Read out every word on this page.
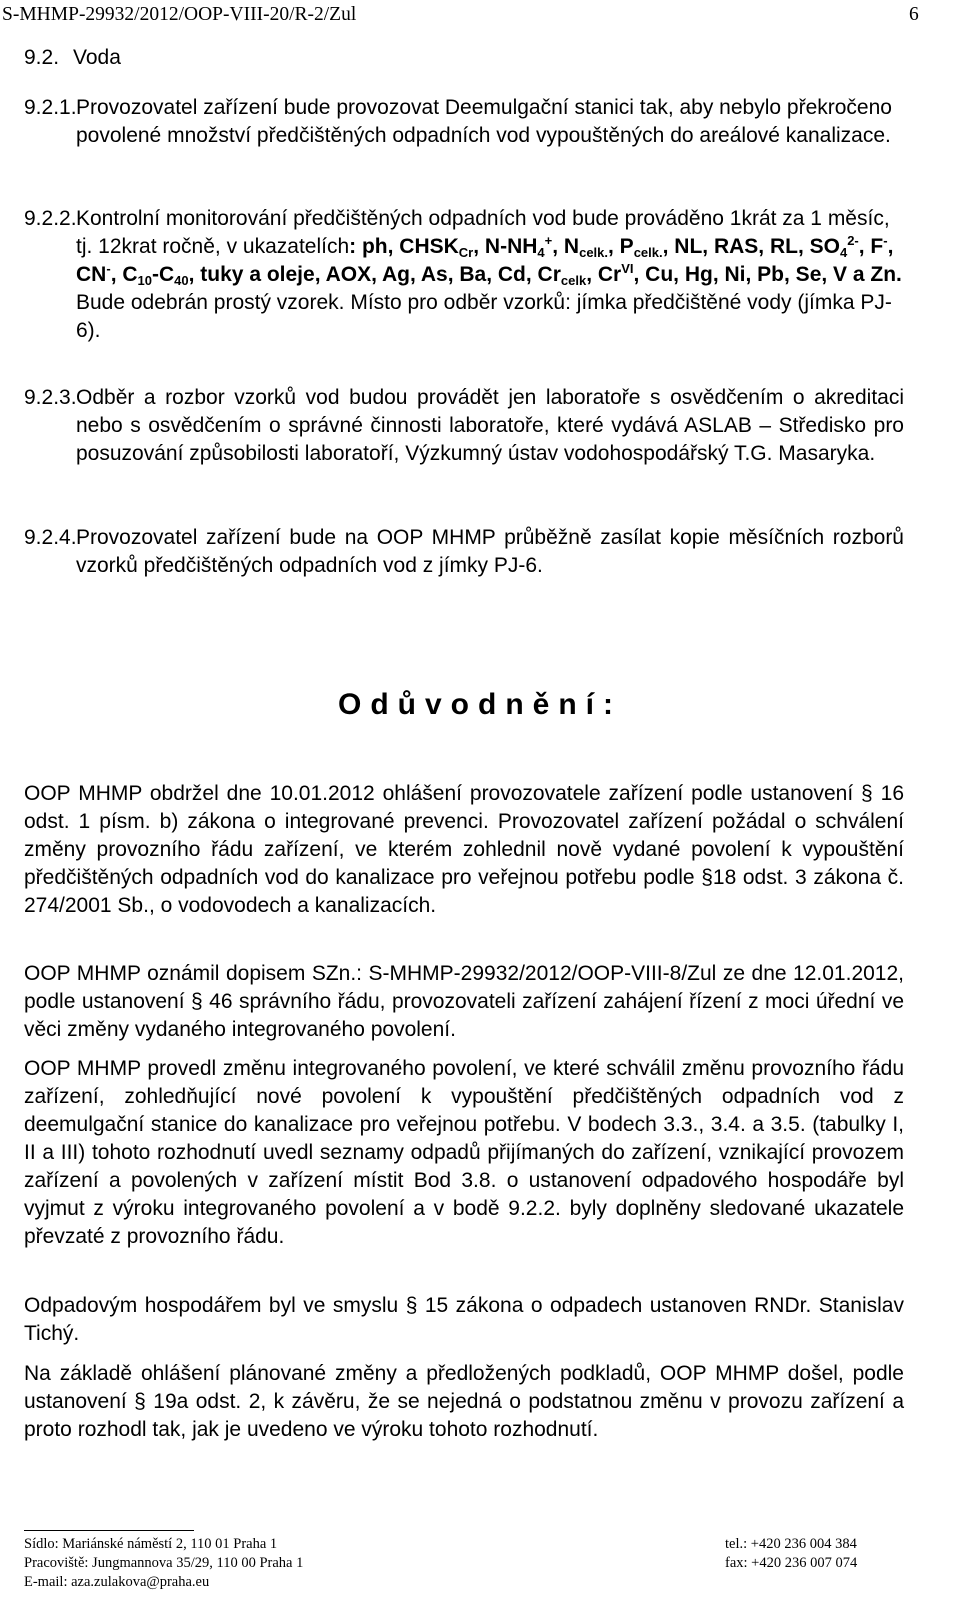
S-MHMP-29932/2012/OOP-VIII-20/R-2/Zul	6
9.2. Voda
9.2.1. Provozovatel zařízení bude provozovat Deemulgační stanici tak, aby nebylo překročeno povolené množství předčištěných odpadních vod vypouštěných do areálové kanalizace.
9.2.2. Kontrolní monitorování předčištěných odpadních vod bude prováděno 1krát za 1 měsíc, tj. 12krat ročně, v ukazatelích: ph, $CHSK_{Cr}$, $N-NH_4^+$, $N_{celk.}$, $P_{celk.}$, NL, RAS, RL, $SO_4^{2-}$, F-, CN-, $C_{10}-C_{40}$, tuky a oleje, AOX, Ag, As, Ba, Cd, $Cr_{celk}$, $Cr^{VI}$, Cu, Hg, Ni, Pb, Se, V a Zn. Bude odebrán prostý vzorek. Místo pro odběr vzorků: jímka předčištěné vody (jímka PJ-6).
9.2.3. Odběr a rozbor vzorků vod budou provádět jen laboratoře s osvědčením o akreditaci nebo s osvědčením o správné činnosti laboratoře, které vydává ASLAB – Středisko pro posuzování způsobilosti laboratoří, Výzkumný ústav vodohospodářský T.G. Masaryka.
9.2.4. Provozovatel zařízení bude na OOP MHMP průběžně zasílat kopie měsíčních rozborů vzorků předčištěných odpadních vod z jímky PJ-6.
Odůvodnění:
OOP MHMP obdržel dne 10.01.2012 ohlášení provozovatele zařízení podle ustanovení § 16 odst. 1 písm. b) zákona o integrované prevenci. Provozovatel zařízení požádal o schválení změny provozního řádu zařízení, ve kterém zohlednil nově vydané povolení k vypouštění předčištěných odpadních vod do kanalizace pro veřejnou potřebu podle §18 odst. 3 zákona č. 274/2001 Sb., o vodovodech a kanalizacích.
OOP MHMP oznámil dopisem SZn.: S-MHMP-29932/2012/OOP-VIII-8/Zul ze dne 12.01.2012, podle ustanovení § 46 správního řádu, provozovateli zařízení zahájení řízení z moci úřední ve věci změny vydaného integrovaného povolení.
OOP MHMP provedl změnu integrovaného povolení, ve které schválil změnu provozního řádu zařízení, zohledňující nové povolení k vypouštění předčištěných odpadních vod z deemulgační stanice do kanalizace pro veřejnou potřebu. V bodech 3.3., 3.4. a 3.5. (tabulky I, II a III) tohoto rozhodnutí uvedl seznamy odpadů přijímaných do zařízení, vznikající provozem zařízení a povolených v zařízení místit Bod 3.8. o ustanovení odpadového hospodáře byl vyjmut z výroku integrovaného povolení a v bodě 9.2.2. byly doplněny sledované ukazatele převzaté z provozního řádu.
Odpadovým hospodářem byl ve smyslu § 15 zákona o odpadech ustanoven RNDr. Stanislav Tichý.
Na základě ohlášení plánované změny a předložených podkladů, OOP MHMP došel, podle ustanovení § 19a odst. 2, k závěru, že se nejedná o podstatnou změnu v provozu zařízení a proto rozhodl tak, jak je uvedeno ve výroku tohoto rozhodnutí.
Sídlo: Mariánské náměstí 2, 110 01 Praha 1
Pracoviště: Jungmannova 35/29, 110 00 Praha 1
E-mail: aza.zulakova@praha.eu
tel.: +420 236 004 384
fax: +420 236 007 074
